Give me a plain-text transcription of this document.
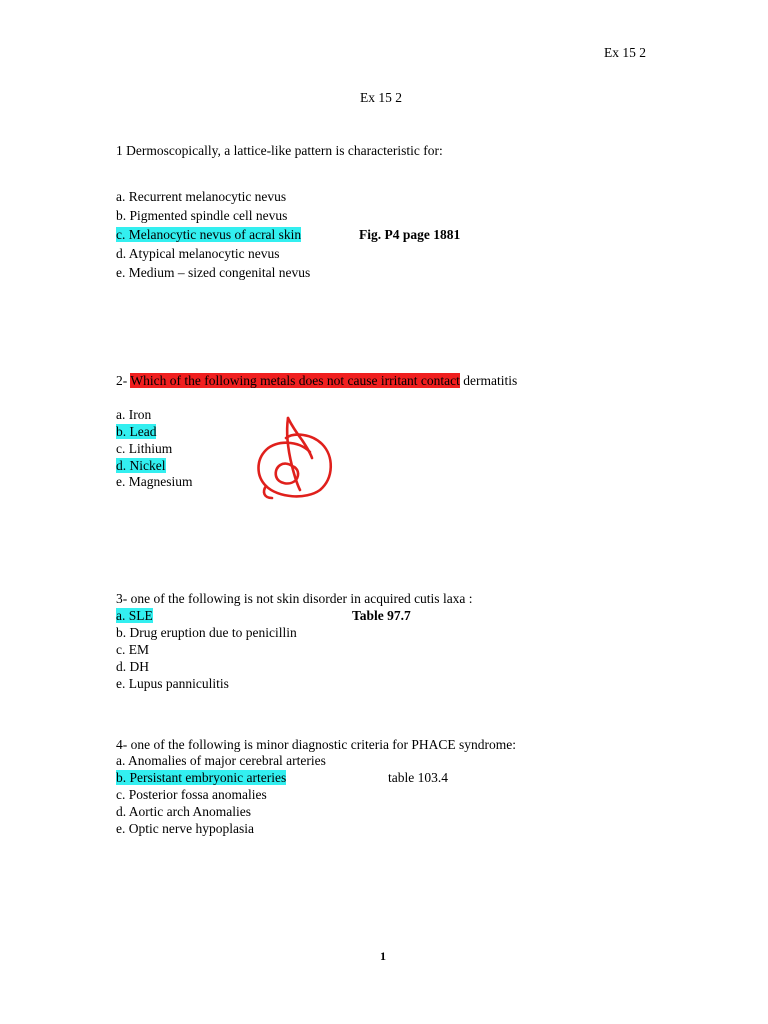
Ex 15 2
Ex 15 2
1 Dermoscopically, a lattice-like pattern is characteristic for:
a. Recurrent melanocytic nevus
b. Pigmented spindle cell nevus
c. Melanocytic nevus of acral skin	Fig. P4 page 1881
d. Atypical melanocytic nevus
e. Medium – sized congenital nevus
2- Which of the following metals does not cause irritant contact dermatitis
a. Iron
b. Lead
c. Lithium
d. Nickel
e. Magnesium
3- one of the following is not skin disorder in acquired cutis laxa :
a. SLE	Table 97.7
b. Drug eruption due to penicillin
c. EM
d. DH
e. Lupus panniculitis
4- one of the following is minor diagnostic criteria for PHACE syndrome:
a. Anomalies of major cerebral arteries
b. Persistant embryonic arteries	table 103.4
c. Posterior fossa anomalies
d. Aortic arch Anomalies
e. Optic nerve hypoplasia
1
